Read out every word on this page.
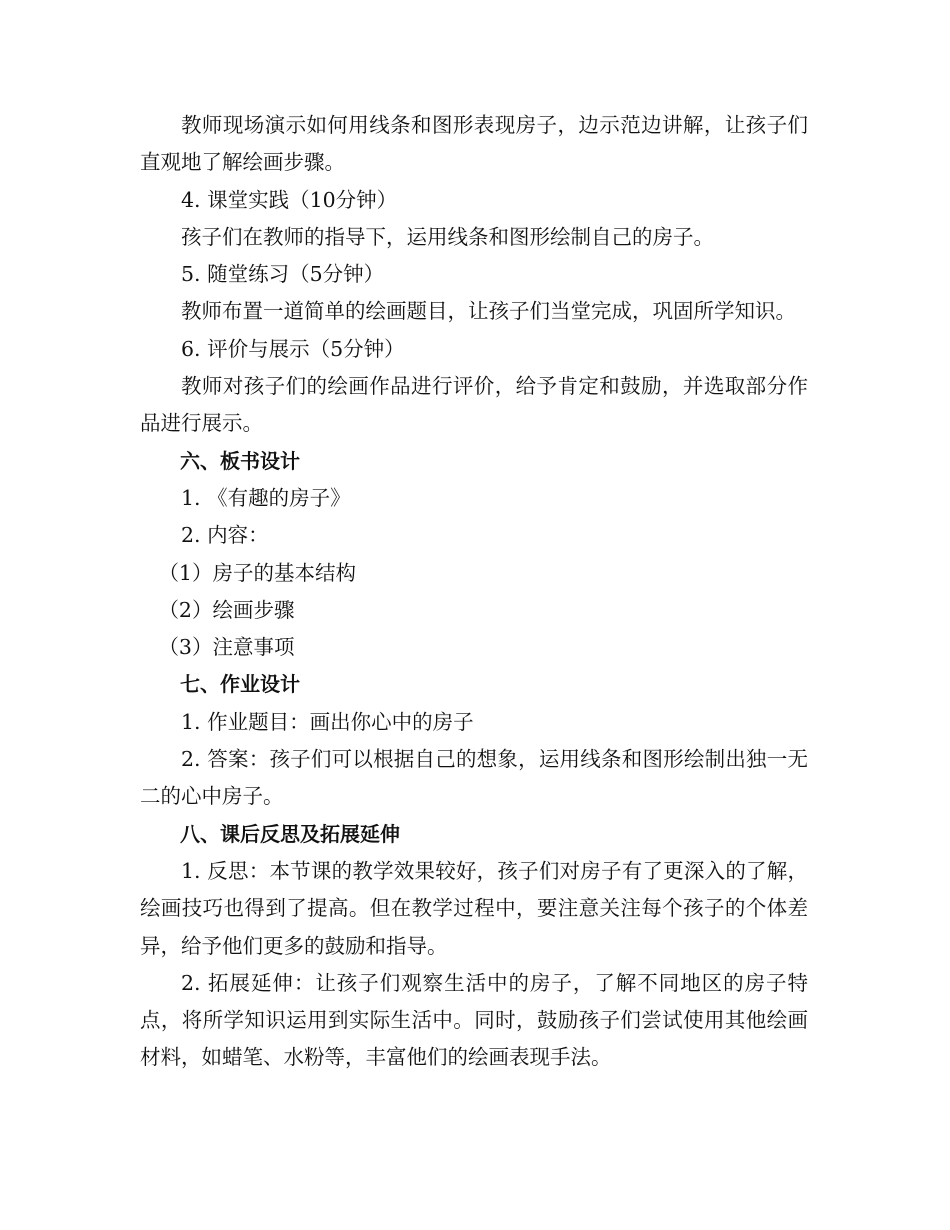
教师现场演示如何用线条和图形表现房子，边示范边讲解，让孩子们直观地了解绘画步骤。

4. 课堂实践（10分钟）

孩子们在教师的指导下，运用线条和图形绘制自己的房子。

5. 随堂练习（5分钟）

教师布置一道简单的绘画题目，让孩子们当堂完成，巩固所学知识。

6. 评价与展示（5分钟）

教师对孩子们的绘画作品进行评价，给予肯定和鼓励，并选取部分作品进行展示。

六、板书设计

1. 《有趣的房子》

2. 内容：

（1）房子的基本结构

（2）绘画步骤

（3）注意事项

七、作业设计

1. 作业题目：画出你心中的房子

2. 答案：孩子们可以根据自己的想象，运用线条和图形绘制出独一无二的心中房子。

八、课后反思及拓展延伸

1. 反思：本节课的教学效果较好，孩子们对房子有了更深入的了解，绘画技巧也得到了提高。但在教学过程中，要注意关注每个孩子的个体差异，给予他们更多的鼓励和指导。

2. 拓展延伸：让孩子们观察生活中的房子，了解不同地区的房子特点，将所学知识运用到实际生活中。同时，鼓励孩子们尝试使用其他绘画材料，如蜡笔、水粉等，丰富他们的绘画表现手法。
